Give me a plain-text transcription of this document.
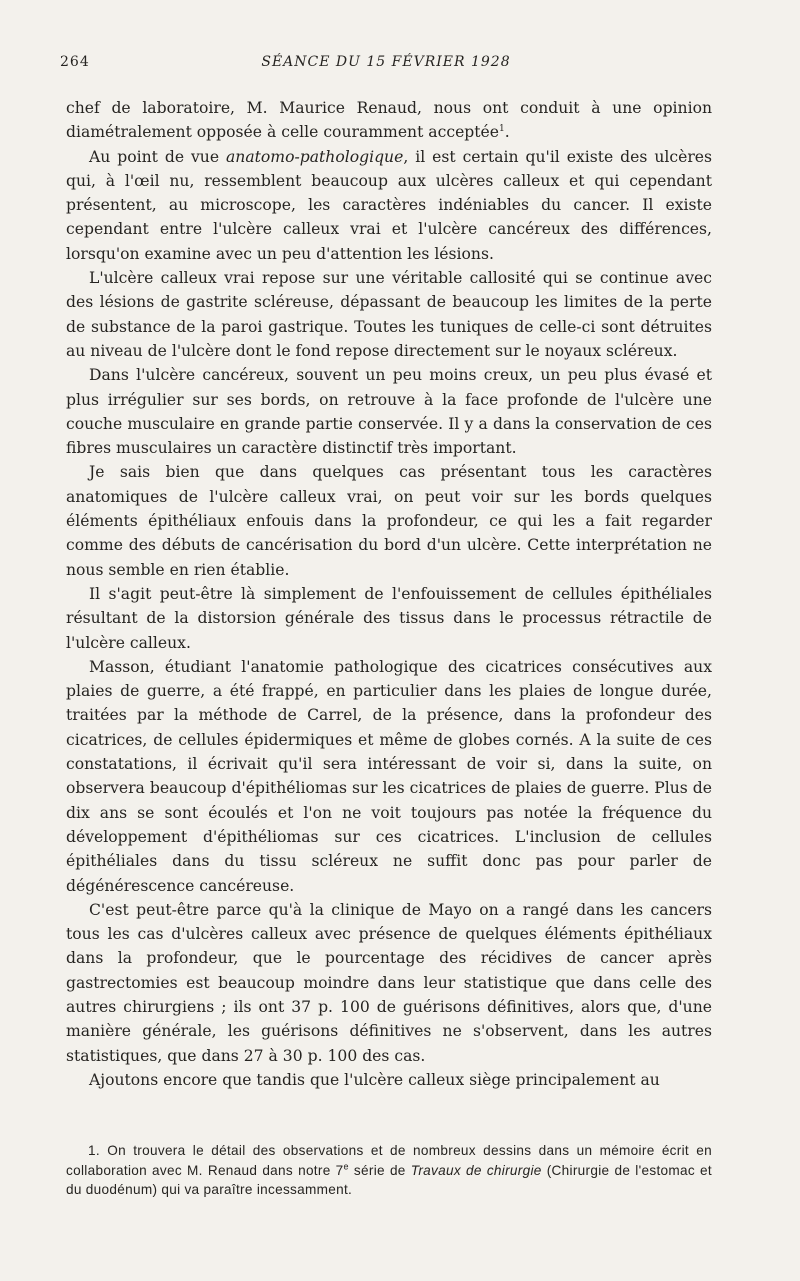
264	SÉANCE DU 15 FÉVRIER 1928

chef de laboratoire, M. Maurice Renaud, nous ont conduit à une opinion diamétralement opposée à celle couramment acceptée$^1$.

Au point de vue anatomo-pathologique, il est certain qu'il existe des ulcères qui, à l'œil nu, ressemblent beaucoup aux ulcères calleux et qui cependant présentent, au microscope, les caractères indéniables du cancer. Il existe cependant entre l'ulcère calleux vrai et l'ulcère cancéreux des différences, lorsqu'on examine avec un peu d'attention les lésions.

L'ulcère calleux vrai repose sur une véritable callosité qui se continue avec des lésions de gastrite scléreuse, dépassant de beaucoup les limites de la perte de substance de la paroi gastrique. Toutes les tuniques de celle-ci sont détruites au niveau de l'ulcère dont le fond repose directement sur le noyaux scléreux.

Dans l'ulcère cancéreux, souvent un peu moins creux, un peu plus évasé et plus irrégulier sur ses bords, on retrouve à la face profonde de l'ulcère une couche musculaire en grande partie conservée. Il y a dans la conservation de ces fibres musculaires un caractère distinctif très important.

Je sais bien que dans quelques cas présentant tous les caractères anatomiques de l'ulcère calleux vrai, on peut voir sur les bords quelques éléments épithéliaux enfouis dans la profondeur, ce qui les a fait regarder comme des débuts de cancérisation du bord d'un ulcère. Cette interprétation ne nous semble en rien établie.

Il s'agit peut-être là simplement de l'enfouissement de cellules épithéliales résultant de la distorsion générale des tissus dans le processus rétractile de l'ulcère calleux.

Masson, étudiant l'anatomie pathologique des cicatrices consécutives aux plaies de guerre, a été frappé, en particulier dans les plaies de longue durée, traitées par la méthode de Carrel, de la présence, dans la profondeur des cicatrices, de cellules épidermiques et même de globes cornés. A la suite de ces constatations, il écrivait qu'il sera intéressant de voir si, dans la suite, on observera beaucoup d'épithéliomas sur les cicatrices de plaies de guerre. Plus de dix ans se sont écoulés et l'on ne voit toujours pas notée la fréquence du développement d'épithéliomas sur ces cicatrices. L'inclusion de cellules épithéliales dans du tissu scléreux ne suffit donc pas pour parler de dégénérescence cancéreuse.

C'est peut-être parce qu'à la clinique de Mayo on a rangé dans les cancers tous les cas d'ulcères calleux avec présence de quelques éléments épithéliaux dans la profondeur, que le pourcentage des récidives de cancer après gastrectomies est beaucoup moindre dans leur statistique que dans celle des autres chirurgiens ; ils ont 37 p. 100 de guérisons définitives, alors que, d'une manière générale, les guérisons définitives ne s'observent, dans les autres statistiques, que dans 27 à 30 p. 100 des cas.

Ajoutons encore que tandis que l'ulcère calleux siège principalement au

1. On trouvera le détail des observations et de nombreux dessins dans un mémoire écrit en collaboration avec M. Renaud dans notre 7e série de Travaux de chirurgie (Chirurgie de l'estomac et du duodénum) qui va paraître incessamment.
